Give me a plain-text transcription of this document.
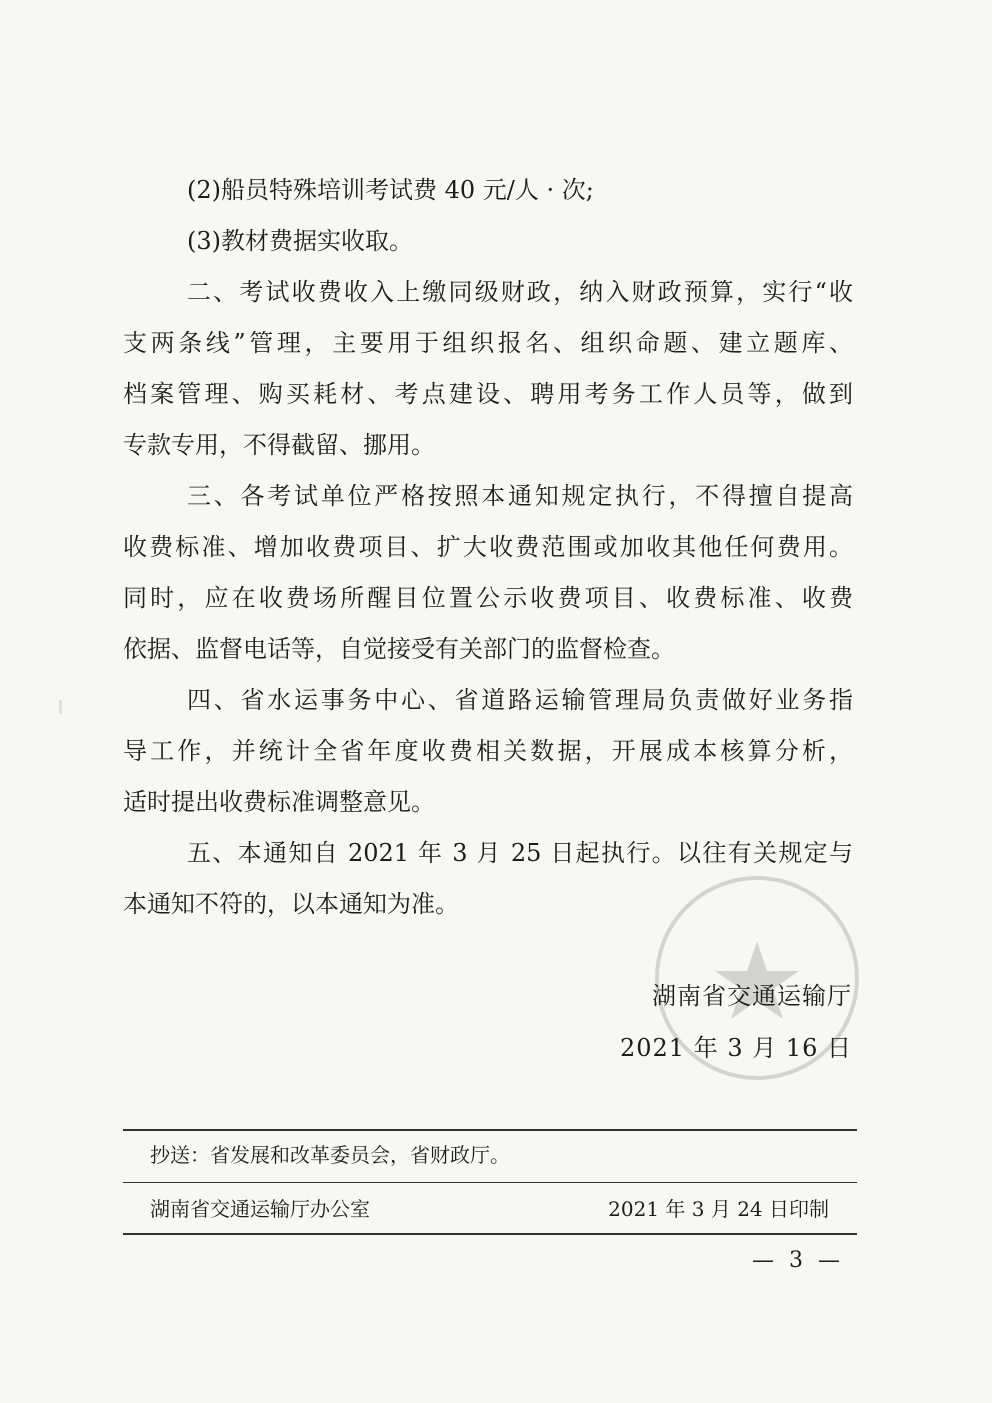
(2)船员特殊培训考试费 40 元/人 · 次;
(3)教材费据实收取。
二、考试收费收入上缴同级财政，纳入财政预算，实行“收
支两条线”管理，主要用于组织报名、组织命题、建立题库、
档案管理、购买耗材、考点建设、聘用考务工作人员等，做到
专款专用，不得截留、挪用。
三、各考试单位严格按照本通知规定执行，不得擅自提高
收费标准、增加收费项目、扩大收费范围或加收其他任何费用。
同时，应在收费场所醒目位置公示收费项目、收费标准、收费
依据、监督电话等，自觉接受有关部门的监督检查。
四、省水运事务中心、省道路运输管理局负责做好业务指
导工作，并统计全省年度收费相关数据，开展成本核算分析，
适时提出收费标准调整意见。
五、本通知自 2021 年 3 月 25 日起执行。以往有关规定与
本通知不符的，以本通知为准。
湖南省交通运输厅
2021 年 3 月 16 日
抄送：省发展和改革委员会，省财政厅。
湖南省交通运输厅办公室	2021 年 3 月 24 日印制
— 3 —
